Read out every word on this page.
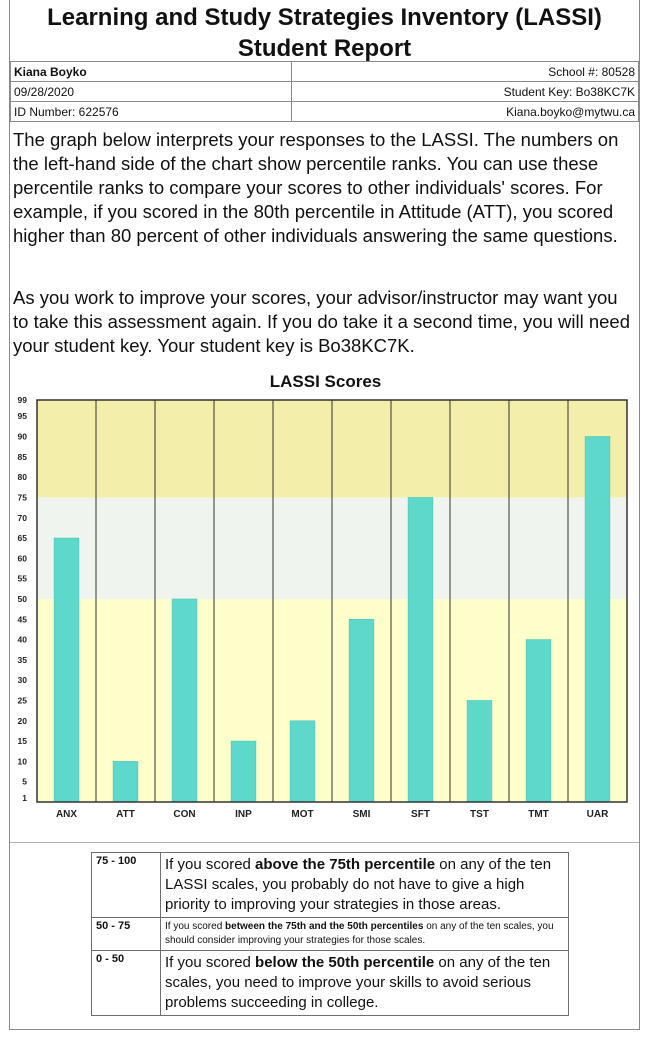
Learning and Study Strategies Inventory (LASSI)
Student Report
Kiana Boyko	School #: 80528
09/28/2020	Student Key: Bo38KC7K
ID Number: 622576	Kiana.boyko@mytwu.ca
The graph below interprets your responses to the LASSI. The numbers on the left-hand side of the chart show percentile ranks. You can use these percentile ranks to compare your scores to other individuals' scores. For example, if you scored in the 80th percentile in Attitude (ATT), you scored higher than 80 percent of other individuals answering the same questions.
As you work to improve your scores, your advisor/instructor may want you to take this assessment again. If you do take it a second time, you will need your student key. Your student key is Bo38KC7K.
LASSI Scores
1
5
10
15
20
25
30
35
40
45
50
55
60
65
70
75
80
85
90
95
99
ANX	ATT	CON	INP	MOT	SMI	SFT	TST	TMT	UAR
75 - 100	If you scored above the 75th percentile on any of the ten LASSI scales, you probably do not have to give a high priority to improving your strategies in those areas.
50 - 75	If you scored between the 75th and the 50th percentiles on any of the ten scales, you should consider improving your strategies for those scales.
0 - 50	If you scored below the 50th percentile on any of the ten scales, you need to improve your skills to avoid serious problems succeeding in college.
